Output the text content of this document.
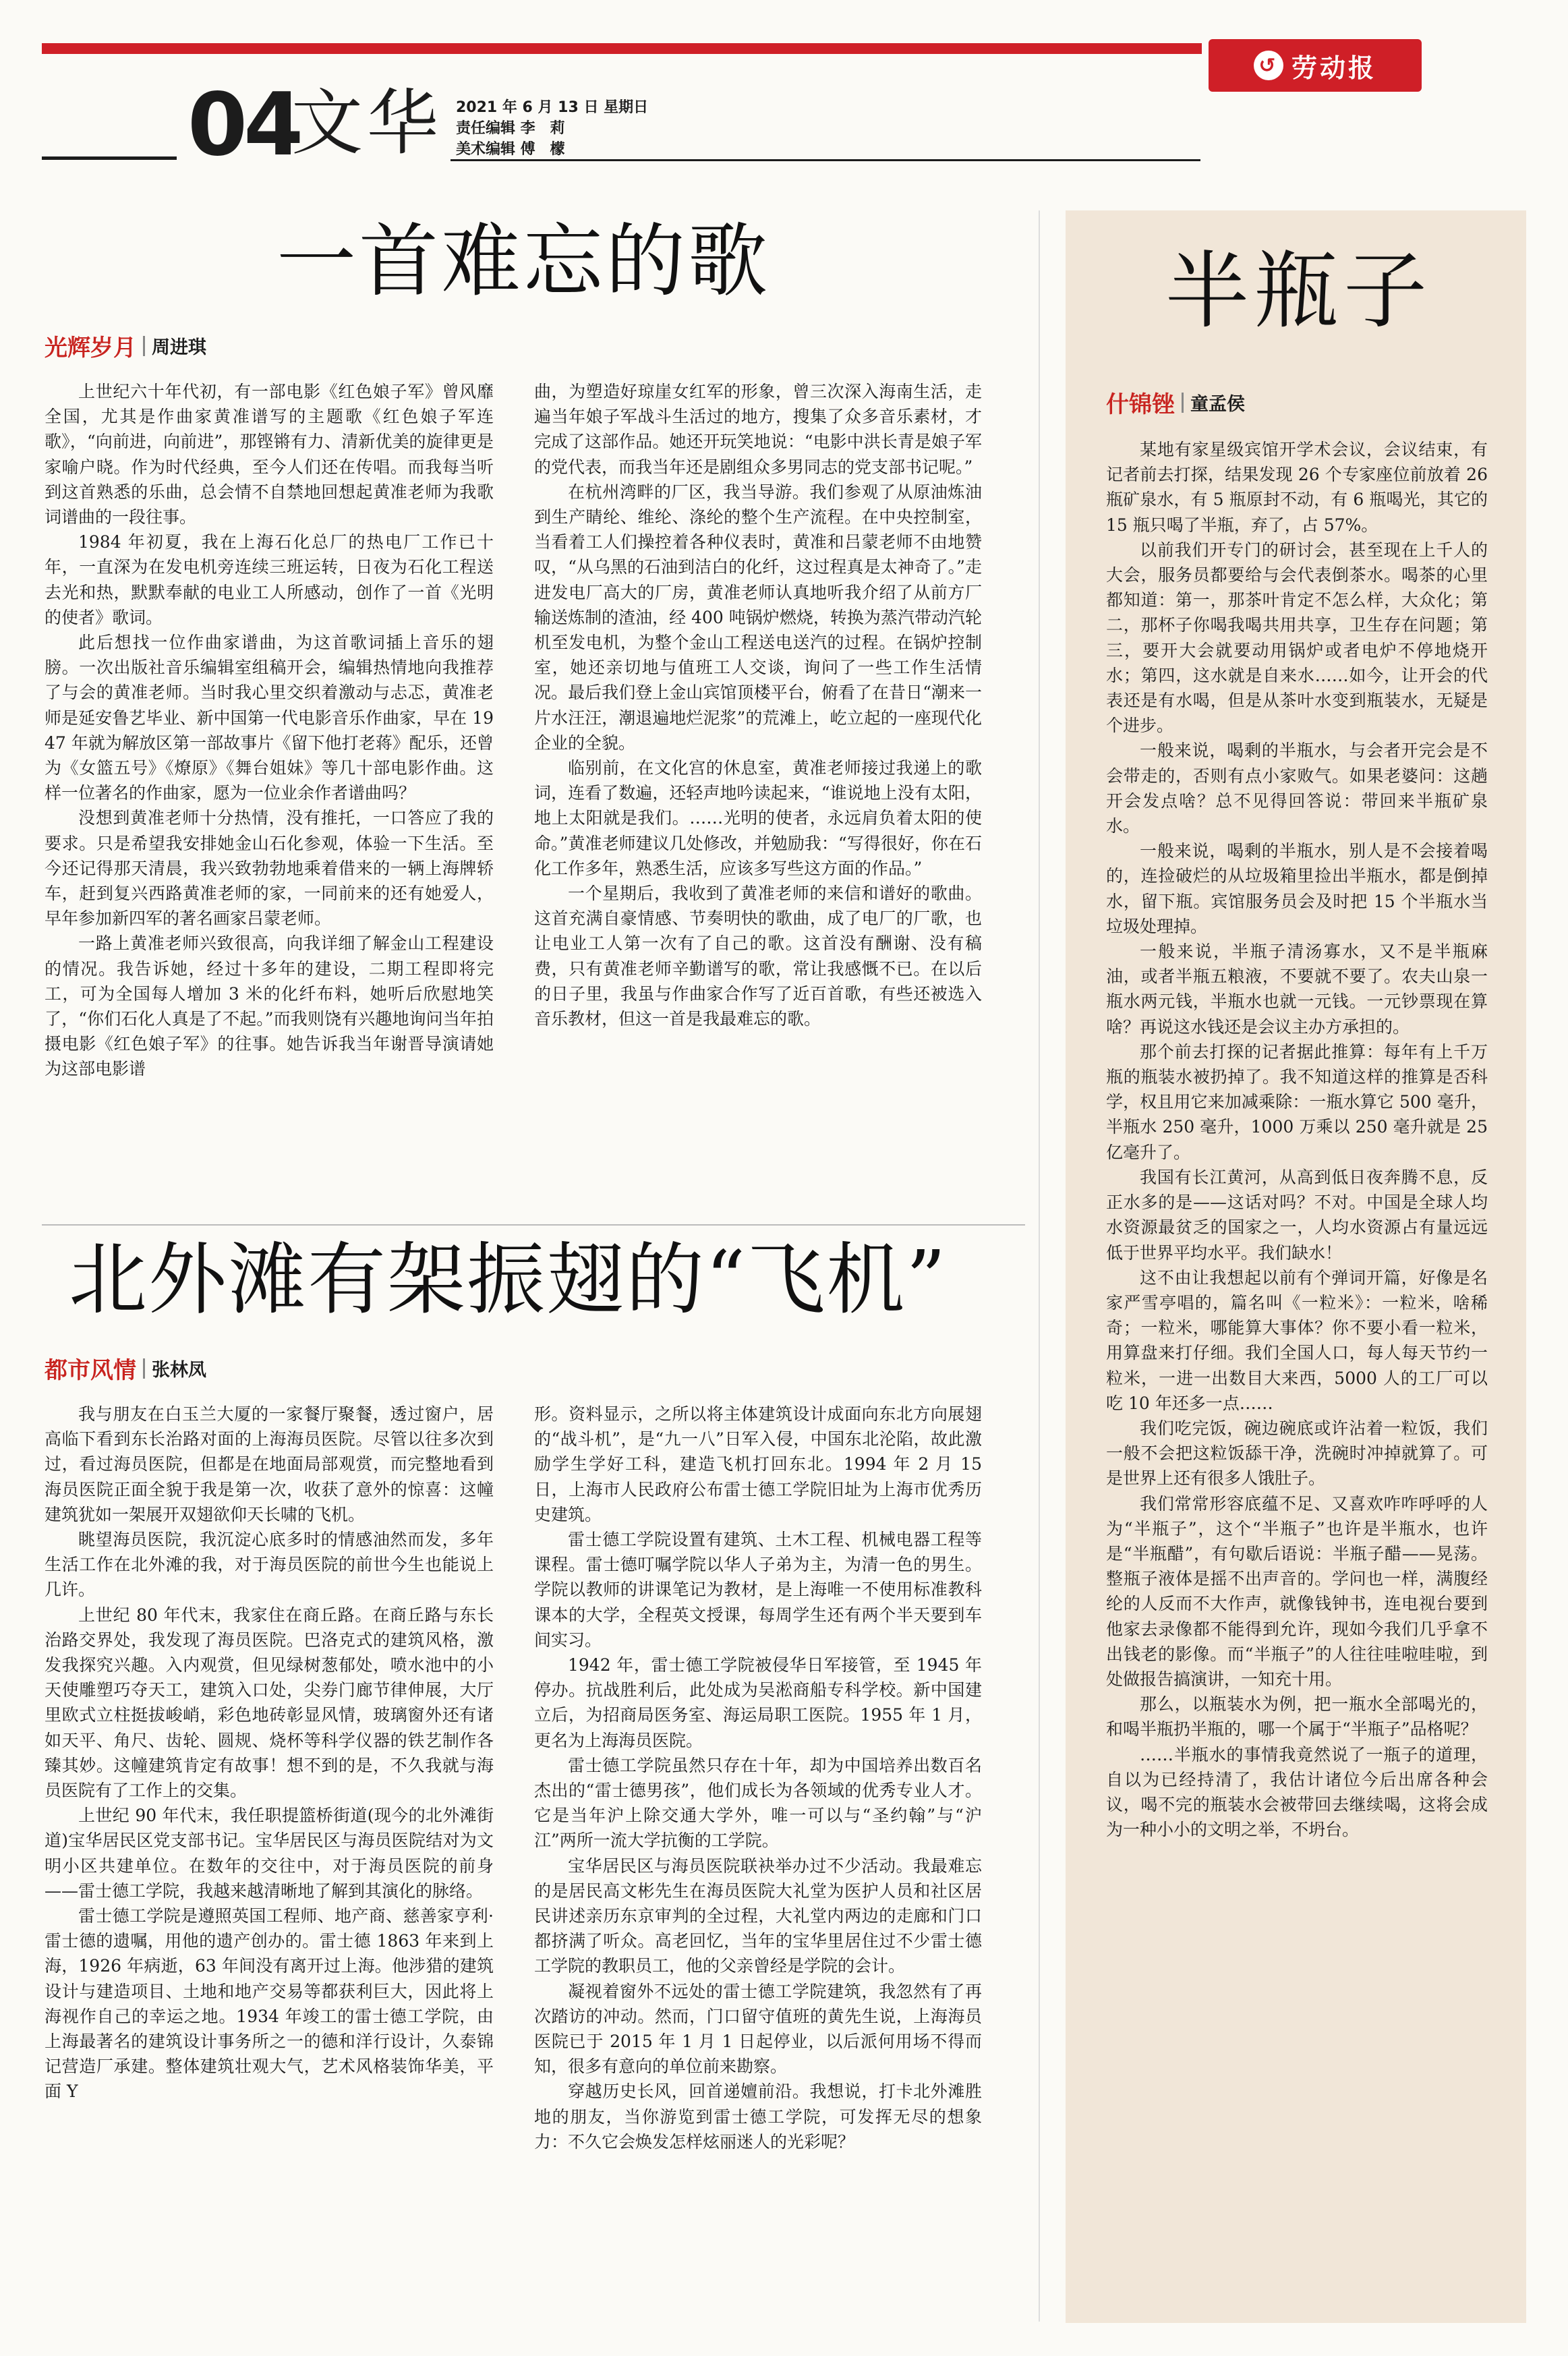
↺ 劳动报
04
文华 2021 年 6 月 13 日 星期日
责任编辑 李　莉
美术编辑 傅　檬
一首难忘的歌
光辉岁月 周进琪

上世纪六十年代初，有一部电影《红色娘子军》曾风靡全国，尤其是作曲家黄准谱写的主题歌《红色娘子军连歌》，“向前进，向前进”，那铿锵有力、清新优美的旋律更是家喻户晓。作为时代经典，至今人们还在传唱。而我每当听到这首熟悉的乐曲，总会情不自禁地回想起黄准老师为我歌词谱曲的一段往事。

1984 年初夏，我在上海石化总厂的热电厂工作已十年，一直深为在发电机旁连续三班运转，日夜为石化工程送去光和热，默默奉献的电业工人所感动，创作了一首《光明的使者》歌词。

此后想找一位作曲家谱曲，为这首歌词插上音乐的翅膀。一次出版社音乐编辑室组稿开会，编辑热情地向我推荐了与会的黄准老师。当时我心里交织着激动与忐忑，黄准老师是延安鲁艺毕业、新中国第一代电影音乐作曲家，早在 1947 年就为解放区第一部故事片《留下他打老蒋》配乐，还曾为《女篮五号》《燎原》《舞台姐妹》等几十部电影作曲。这样一位著名的作曲家，愿为一位业余作者谱曲吗？

没想到黄准老师十分热情，没有推托，一口答应了我的要求。只是希望我安排她金山石化参观，体验一下生活。至今还记得那天清晨，我兴致勃勃地乘着借来的一辆上海牌轿车，赶到复兴西路黄准老师的家，一同前来的还有她爱人，早年参加新四军的著名画家吕蒙老师。

一路上黄准老师兴致很高，向我详细了解金山工程建设的情况。我告诉她，经过十多年的建设，二期工程即将完工，可为全国每人增加 3 米的化纤布料，她听后欣慰地笑了，“你们石化人真是了不起。”而我则饶有兴趣地询问当年拍摄电影《红色娘子军》的往事。她告诉我当年谢晋导演请她为这部电影谱

曲，为塑造好琼崖女红军的形象，曾三次深入海南生活，走遍当年娘子军战斗生活过的地方，搜集了众多音乐素材，才完成了这部作品。她还开玩笑地说：“电影中洪长青是娘子军的党代表，而我当年还是剧组众多男同志的党支部书记呢。”

在杭州湾畔的厂区，我当导游。我们参观了从原油炼油到生产睛纶、维纶、涤纶的整个生产流程。在中央控制室，当看着工人们操控着各种仪表时，黄准和吕蒙老师不由地赞叹，“从乌黑的石油到洁白的化纤，这过程真是太神奇了。”走进发电厂高大的厂房，黄准老师认真地听我介绍了从前方厂输送炼制的渣油，经 400 吨锅炉燃烧，转换为蒸汽带动汽轮机至发电机，为整个金山工程送电送汽的过程。在锅炉控制室，她还亲切地与值班工人交谈，询问了一些工作生活情况。最后我们登上金山宾馆顶楼平台，俯看了在昔日“潮来一片水汪汪，潮退遍地烂泥浆”的荒滩上，屹立起的一座现代化企业的全貌。

临别前，在文化宫的休息室，黄准老师接过我递上的歌词，连看了数遍，还轻声地吟读起来，“谁说地上没有太阳，地上太阳就是我们。……光明的使者，永远肩负着太阳的使命。”黄准老师建议几处修改，并勉励我：“写得很好，你在石化工作多年，熟悉生活，应该多写些这方面的作品。”

一个星期后，我收到了黄准老师的来信和谱好的歌曲。这首充满自豪情感、节奏明快的歌曲，成了电厂的厂歌，也让电业工人第一次有了自己的歌。这首没有酬谢、没有稿费，只有黄准老师辛勤谱写的歌，常让我感慨不已。在以后的日子里，我虽与作曲家合作写了近百首歌，有些还被选入音乐教材，但这一首是我最难忘的歌。

北外滩有架振翅的“飞机”
都市风情 张林凤

我与朋友在白玉兰大厦的一家餐厅聚餐，透过窗户，居高临下看到东长治路对面的上海海员医院。尽管以往多次到过，看过海员医院，但都是在地面局部观赏，而完整地看到海员医院正面全貌于我是第一次，收获了意外的惊喜：这幢建筑犹如一架展开双翅欲仰天长啸的飞机。

眺望海员医院，我沉淀心底多时的情感油然而发，多年生活工作在北外滩的我，对于海员医院的前世今生也能说上几许。

上世纪 80 年代末，我家住在商丘路。在商丘路与东长治路交界处，我发现了海员医院。巴洛克式的建筑风格，激发我探究兴趣。入内观赏，但见绿树葱郁处，喷水池中的小天使雕塑巧夺天工，建筑入口处，尖券门廊节律伸展，大厅里欧式立柱挺拔峻峭，彩色地砖彰显风情，玻璃窗外还有诸如天平、角尺、齿轮、圆规、烧杯等科学仪器的铁艺制作各臻其妙。这幢建筑肯定有故事！想不到的是，不久我就与海员医院有了工作上的交集。

上世纪 90 年代末，我任职提篮桥街道(现今的北外滩街道)宝华居民区党支部书记。宝华居民区与海员医院结对为文明小区共建单位。在数年的交往中，对于海员医院的前身——雷士德工学院，我越来越清晰地了解到其演化的脉络。

雷士德工学院是遵照英国工程师、地产商、慈善家亨利·雷士德的遗嘱，用他的遗产创办的。雷士德 1863 年来到上海，1926 年病逝，63 年间没有离开过上海。他涉猎的建筑设计与建造项目、土地和地产交易等都获利巨大，因此将上海视作自己的幸运之地。1934 年竣工的雷士德工学院，由上海最著名的建筑设计事务所之一的德和洋行设计，久泰锦记营造厂承建。整体建筑壮观大气，艺术风格装饰华美，平面 Y

形。资料显示，之所以将主体建筑设计成面向东北方向展翅的“战斗机”，是“九一八”日军入侵，中国东北沦陷，故此激励学生学好工科，建造飞机打回东北。1994 年 2 月 15 日，上海市人民政府公布雷士德工学院旧址为上海市优秀历史建筑。

雷士德工学院设置有建筑、土木工程、机械电器工程等课程。雷士德叮嘱学院以华人子弟为主，为清一色的男生。学院以教师的讲课笔记为教材，是上海唯一不使用标准教科课本的大学，全程英文授课，每周学生还有两个半天要到车间实习。

1942 年，雷士德工学院被侵华日军接管，至 1945 年停办。抗战胜利后，此处成为吴淞商船专科学校。新中国建立后，为招商局医务室、海运局职工医院。1955 年 1 月，更名为上海海员医院。

雷士德工学院虽然只存在十年，却为中国培养出数百名杰出的“雷士德男孩”，他们成长为各领域的优秀专业人才。它是当年沪上除交通大学外，唯一可以与“圣约翰”与“沪江”两所一流大学抗衡的工学院。

宝华居民区与海员医院联袂举办过不少活动。我最难忘的是居民高文彬先生在海员医院大礼堂为医护人员和社区居民讲述亲历东京审判的全过程，大礼堂内两边的走廊和门口都挤满了听众。高老回忆，当年的宝华里居住过不少雷士德工学院的教职员工，他的父亲曾经是学院的会计。

凝视着窗外不远处的雷士德工学院建筑，我忽然有了再次踏访的冲动。然而，门口留守值班的黄先生说，上海海员医院已于 2015 年 1 月 1 日起停业，以后派何用场不得而知，很多有意向的单位前来勘察。

穿越历史长风，回首递嬗前沿。我想说，打卡北外滩胜地的朋友，当你游览到雷士德工学院，可发挥无尽的想象力：不久它会焕发怎样炫丽迷人的光彩呢？

半瓶子
什锦锉 童孟侯

某地有家星级宾馆开学术会议，会议结束，有记者前去打探，结果发现 26 个专家座位前放着 26 瓶矿泉水，有 5 瓶原封不动，有 6 瓶喝光，其它的 15 瓶只喝了半瓶，弃了，占 57%。

以前我们开专门的研讨会，甚至现在上千人的大会，服务员都要给与会代表倒茶水。喝茶的心里都知道：第一，那茶叶肯定不怎么样，大众化；第二，那杯子你喝我喝共用共享，卫生存在问题；第三，要开大会就要动用锅炉或者电炉不停地烧开水；第四，这水就是自来水……如今，让开会的代表还是有水喝，但是从茶叶水变到瓶装水，无疑是个进步。

一般来说，喝剩的半瓶水，与会者开完会是不会带走的，否则有点小家败气。如果老婆问：这趟开会发点啥？总不见得回答说：带回来半瓶矿泉水。

一般来说，喝剩的半瓶水，别人是不会接着喝的，连捡破烂的从垃圾箱里捡出半瓶水，都是倒掉水，留下瓶。宾馆服务员会及时把 15 个半瓶水当垃圾处理掉。

一般来说，半瓶子清汤寡水，又不是半瓶麻油，或者半瓶五粮液，不要就不要了。农夫山泉一瓶水两元钱，半瓶水也就一元钱。一元钞票现在算啥？再说这水钱还是会议主办方承担的。

那个前去打探的记者据此推算：每年有上千万瓶的瓶装水被扔掉了。我不知道这样的推算是否科学，权且用它来加减乘除：一瓶水算它 500 毫升，半瓶水 250 毫升，1000 万乘以 250 毫升就是 25 亿毫升了。

我国有长江黄河，从高到低日夜奔腾不息，反正水多的是——这话对吗？不对。中国是全球人均水资源最贫乏的国家之一，人均水资源占有量远远低于世界平均水平。我们缺水！

这不由让我想起以前有个弹词开篇，好像是名家严雪亭唱的，篇名叫《一粒米》：一粒米，啥稀奇；一粒米，哪能算大事体？你不要小看一粒米，用算盘来打仔细。我们全国人口，每人每天节约一粒米，一进一出数目大来西，5000 人的工厂可以吃 10 年还多一点……

我们吃完饭，碗边碗底或许沾着一粒饭，我们一般不会把这粒饭舔干净，洗碗时冲掉就算了。可是世界上还有很多人饿肚子。

我们常常形容底蕴不足、又喜欢咋咋呼呼的人为“半瓶子”，这个“半瓶子”也许是半瓶水，也许是“半瓶醋”，有句歇后语说：半瓶子醋——晃荡。整瓶子液体是摇不出声音的。学问也一样，满腹经纶的人反而不大作声，就像钱钟书，连电视台要到他家去录像都不能得到允许，现如今我们几乎拿不出钱老的影像。而“半瓶子”的人往往哇啦哇啦，到处做报告搞演讲，一知充十用。

那么，以瓶装水为例，把一瓶水全部喝光的，和喝半瓶扔半瓶的，哪一个属于“半瓶子”品格呢？

……半瓶水的事情我竟然说了一瓶子的道理，自以为已经持清了，我估计诸位今后出席各种会议，喝不完的瓶装水会被带回去继续喝，这将会成为一种小小的文明之举，不坍台。
